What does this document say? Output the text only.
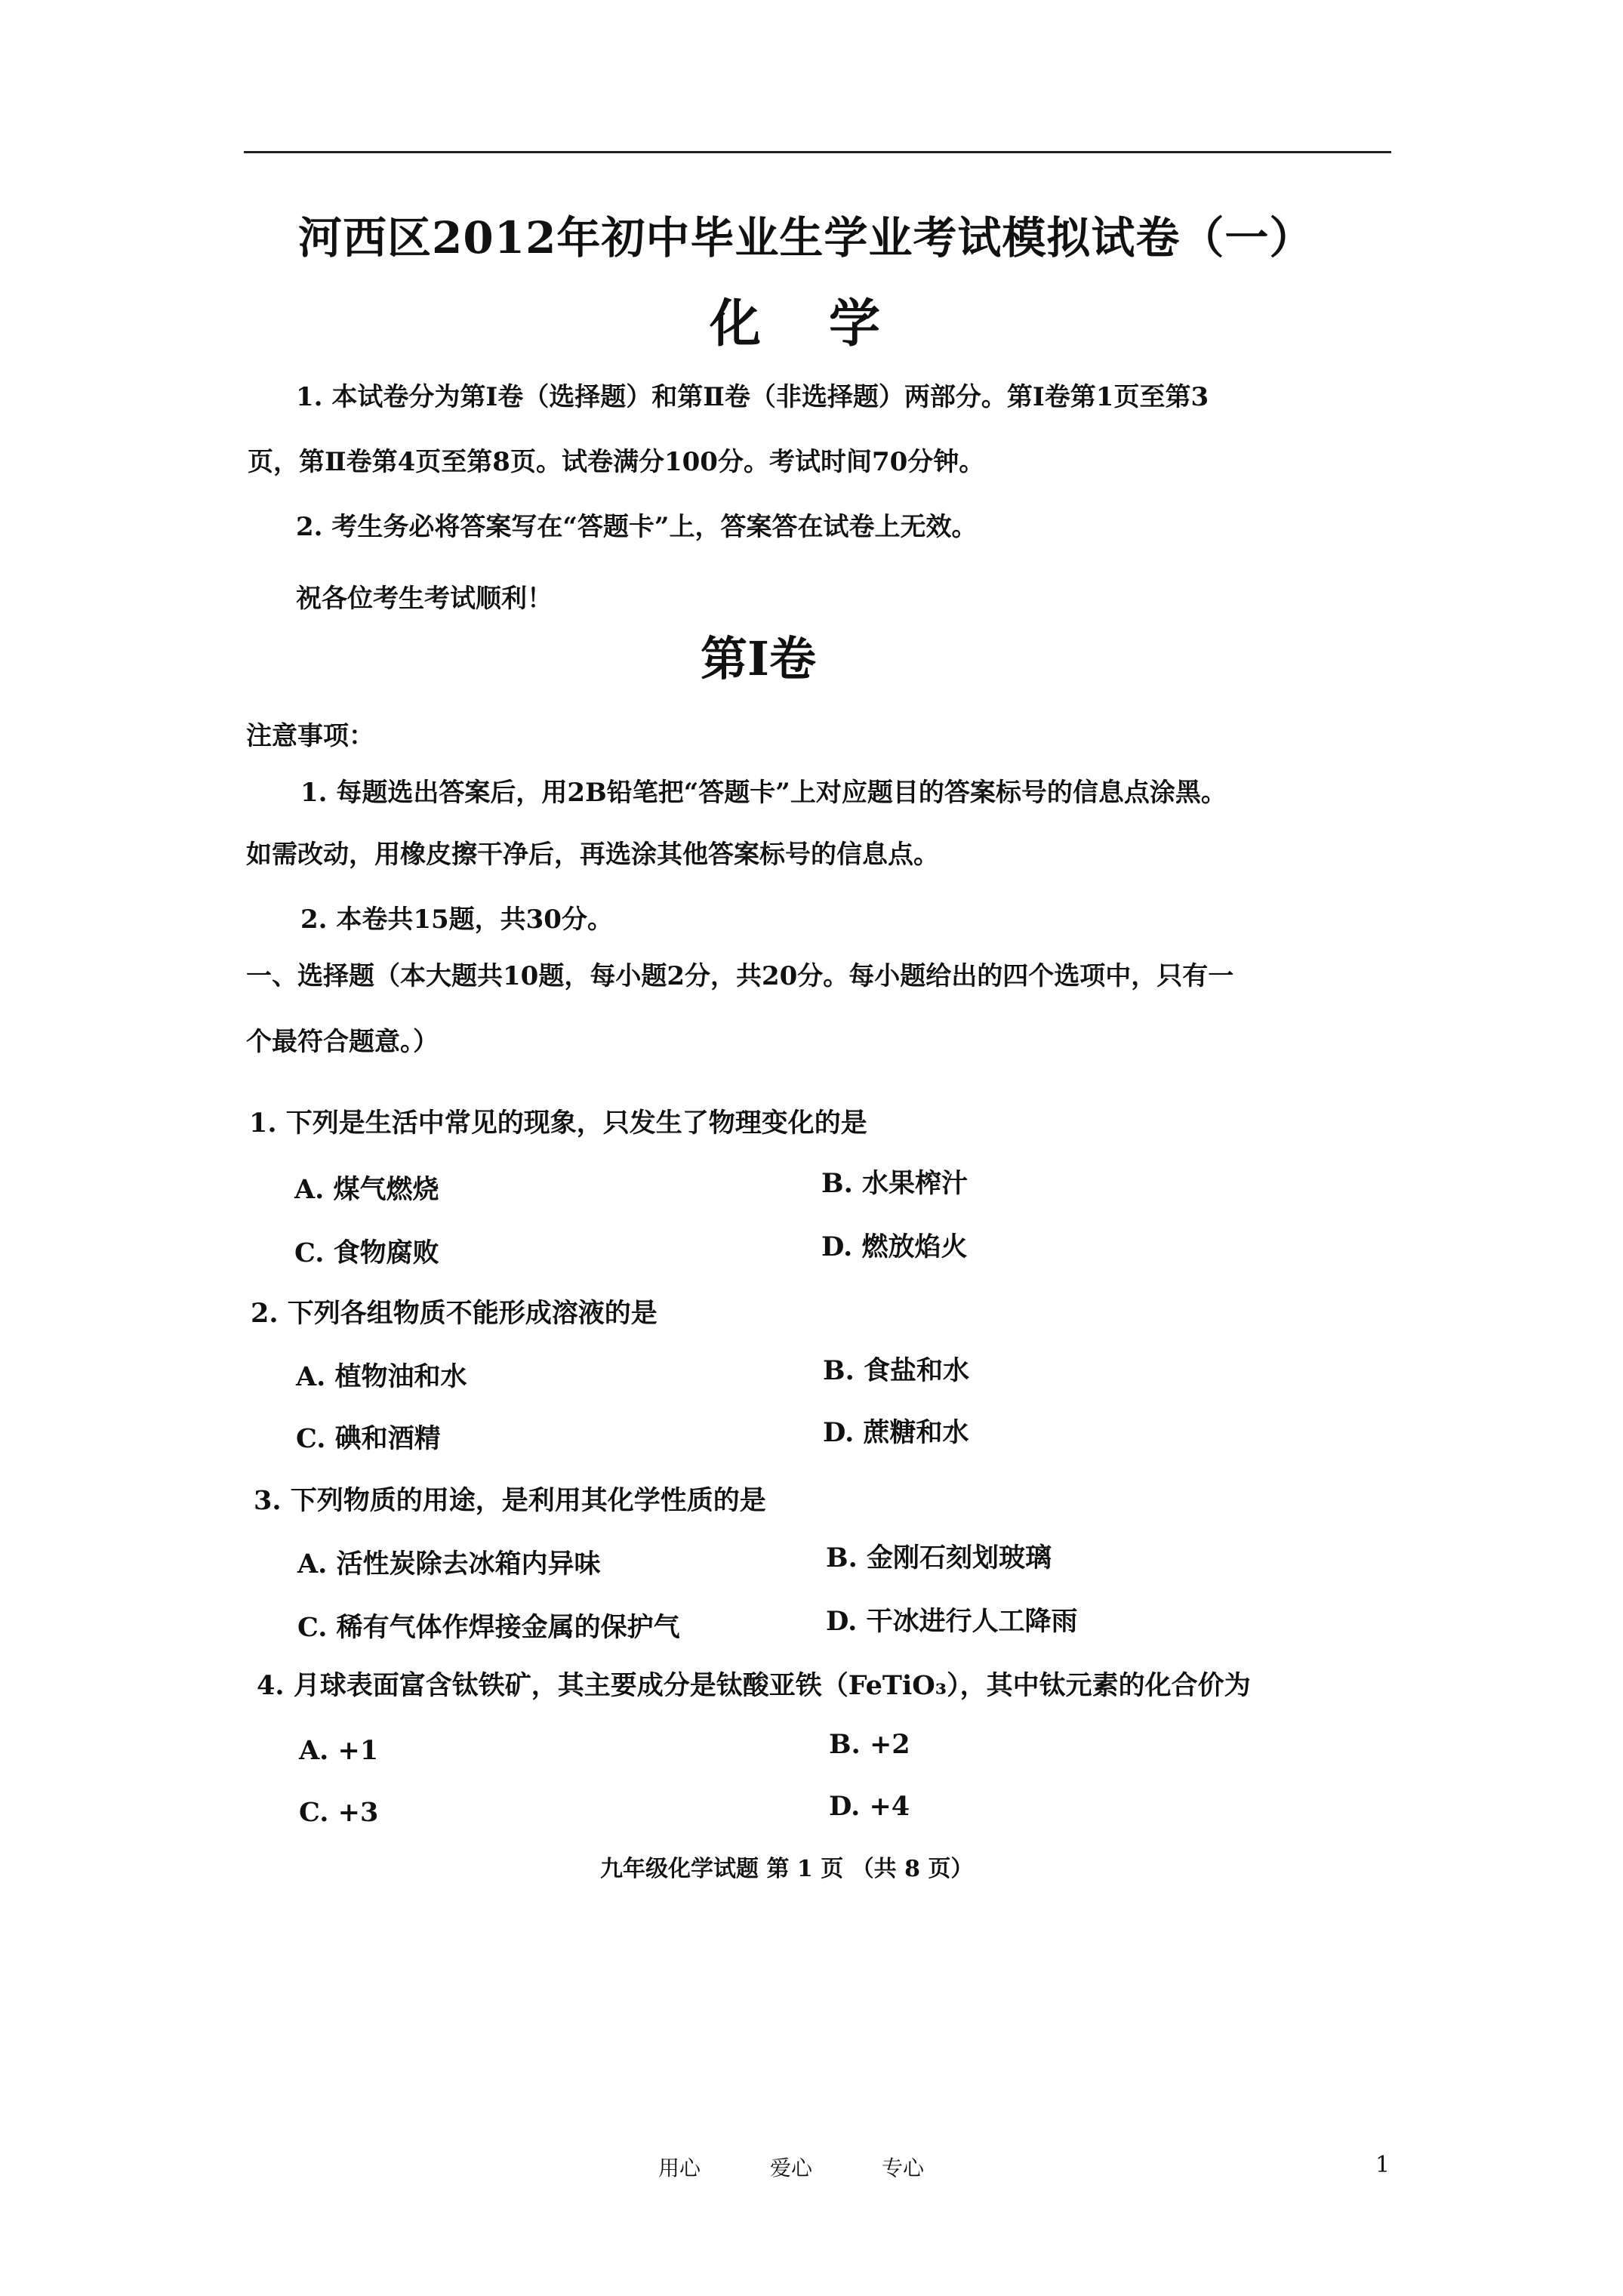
河西区2012年初中毕业生学业考试模拟试卷（一）
化学
1. 本试卷分为第Ⅰ卷（选择题）和第Ⅱ卷（非选择题）两部分。第Ⅰ卷第1页至第3
页，第Ⅱ卷第4页至第8页。试卷满分100分。考试时间70分钟。
2. 考生务必将答案写在“答题卡”上，答案答在试卷上无效。
祝各位考生考试顺利！
第Ⅰ卷
注意事项：
1. 每题选出答案后，用2B铅笔把“答题卡”上对应题目的答案标号的信息点涂黑。
如需改动，用橡皮擦干净后，再选涂其他答案标号的信息点。
2. 本卷共15题，共30分。
一、选择题（本大题共10题，每小题2分，共20分。每小题给出的四个选项中，只有一
个最符合题意。）
1. 下列是生活中常见的现象，只发生了物理变化的是
A. 煤气燃烧	B. 水果榨汁
C. 食物腐败	D. 燃放焰火
2. 下列各组物质不能形成溶液的是
A. 植物油和水	B. 食盐和水
C. 碘和酒精	D. 蔗糖和水
3. 下列物质的用途，是利用其化学性质的是
A. 活性炭除去冰箱内异味	B. 金刚石刻划玻璃
C. 稀有气体作焊接金属的保护气	D. 干冰进行人工降雨
4. 月球表面富含钛铁矿，其主要成分是钛酸亚铁（FeTiO₃），其中钛元素的化合价为
A. +1	B. +2
C. +3	D. +4
九年级化学试题 第 1 页 （共 8 页）
用心	爱心	专心	1
